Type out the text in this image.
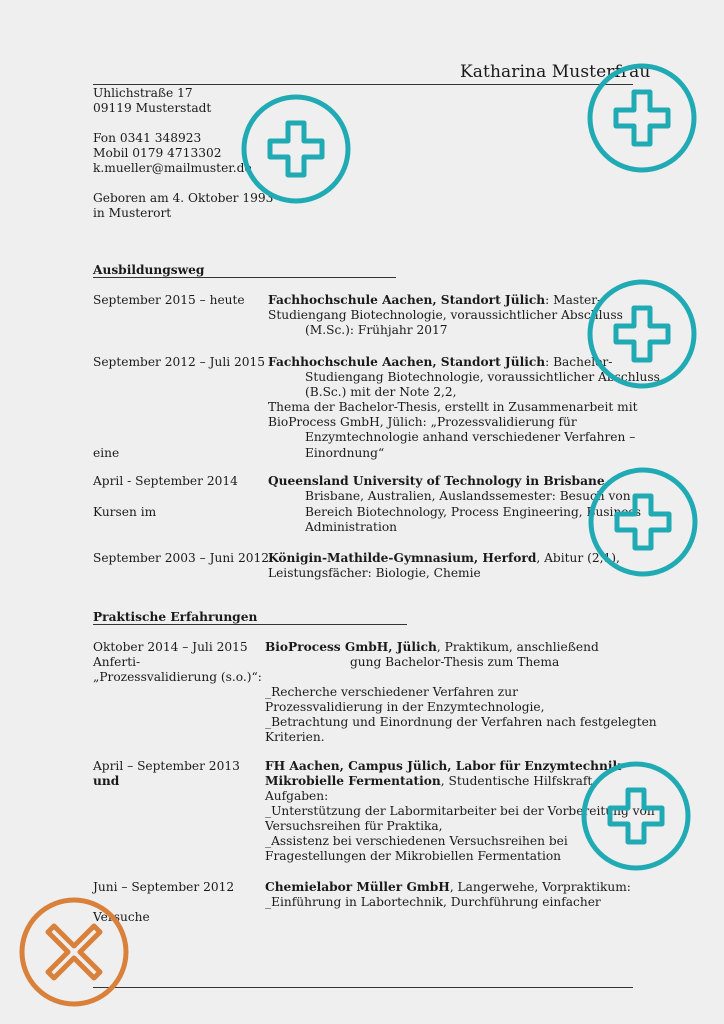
Katharina Musterfrau
Uhlichstraße 17
09119 Musterstadt
Fon 0341 348923
Mobil 0179 4713302
k.mueller@mailmuster.de
Geboren am 4. Oktober 1993
in Musterort
Ausbildungsweg
September 2015 – heute Fachhochschule Aachen, Standort Jülich: Master-
Studiengang Biotechnologie, voraussichtlicher Abschluss
(M.Sc.): Frühjahr 2017
September 2012 – Juli 2015 Fachhochschule Aachen, Standort Jülich: Bachelor-
Studiengang Biotechnologie, voraussichtlicher Abschluss
(B.Sc.) mit der Note 2,2,
Thema der Bachelor-Thesis, erstellt in Zusammenarbeit mit
BioProcess GmbH, Jülich: „Prozessvalidierung für
Enzymtechnologie anhand verschiedener Verfahren –
eine	Einordnung“
April - September 2014 Queensland University of Technology in Brisbane,
Brisbane, Australien, Auslandssemester: Besuch von
Kursen im	Bereich Biotechnology, Process Engineering, Business
Administration
September 2003 – Juni 2012 Königin-Mathilde-Gymnasium, Herford, Abitur (2,1),
Leistungsfächer: Biologie, Chemie
Praktische Erfahrungen
Oktober 2014 – Juli 2015 BioProcess GmbH, Jülich, Praktikum, anschließend
Anferti-	gung Bachelor-Thesis zum Thema
„Prozessvalidierung (s.o.)“:
_Recherche verschiedener Verfahren zur
Prozessvalidierung in der Enzymtechnologie,
_Betrachtung und Einordnung der Verfahren nach festgelegten
Kriterien.
April – September 2013 FH Aachen, Campus Jülich, Labor für Enzymtechnik
und	Mikrobielle Fermentation, Studentische Hilfskraft,
Aufgaben:
_Unterstützung der Labormitarbeiter bei der Vorbereitung von
Versuchsreihen für Praktika,
_Assistenz bei verschiedenen Versuchsreihen bei
Fragestellungen der Mikrobiellen Fermentation
Juni – September 2012	Chemielabor Müller GmbH, Langerwehe, Vorpraktikum:
_Einführung in Labortechnik, Durchführung einfacher
Versuche
